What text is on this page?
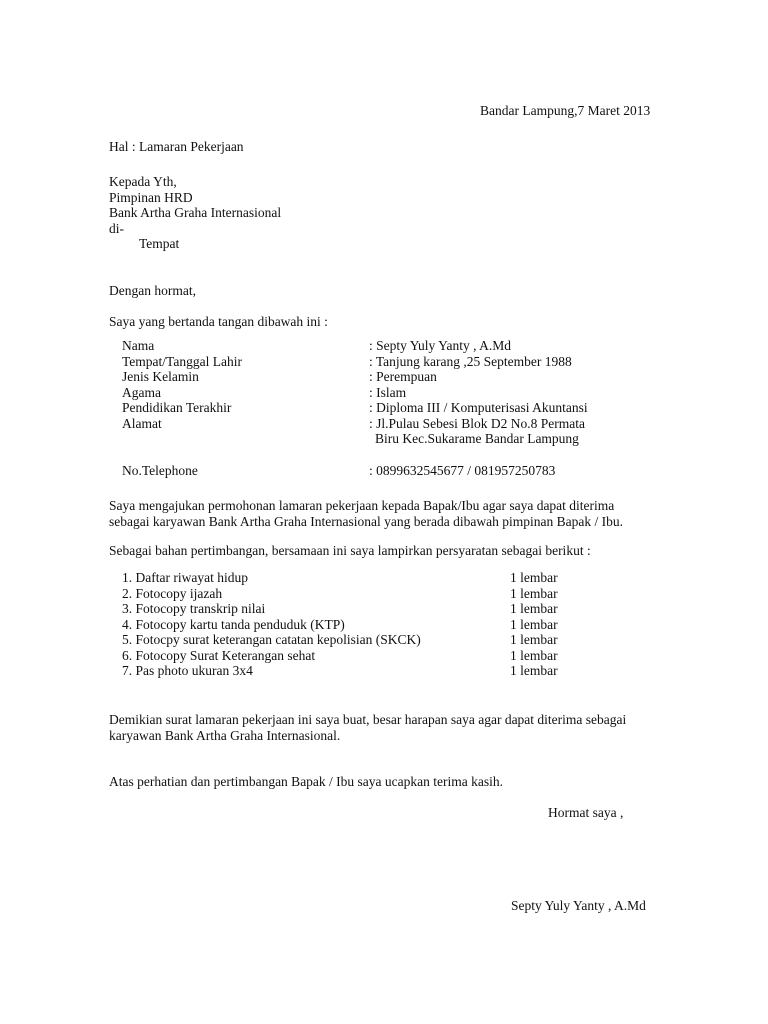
Bandar Lampung,7 Maret 2013
Hal : Lamaran Pekerjaan
Kepada Yth,
Pimpinan HRD
Bank Artha Graha Internasional
di-
Tempat
Dengan hormat,
Saya yang bertanda tangan dibawah ini :
Nama
Tempat/Tanggal Lahir
Jenis Kelamin
Agama
Pendidikan Terakhir
Alamat
: Septy Yuly Yanty , A.Md
: Tanjung karang ,25 September 1988
: Perempuan
: Islam
: Diploma III / Komputerisasi Akuntansi
: Jl.Pulau Sebesi Blok D2 No.8 Permata
Biru Kec.Sukarame Bandar Lampung
No.Telephone	: 0899632545677 / 081957250783
Saya mengajukan permohonan lamaran pekerjaan kepada Bapak/Ibu agar saya dapat diterima
sebagai karyawan Bank Artha Graha Internasional yang berada dibawah pimpinan Bapak / Ibu.
Sebagai bahan pertimbangan, bersamaan ini saya lampirkan persyaratan sebagai berikut :
1. Daftar riwayat hidup
2. Fotocopy ijazah
3. Fotocopy transkrip nilai
4. Fotocopy kartu tanda penduduk (KTP)
5. Fotocpy surat keterangan catatan kepolisian (SKCK)
6. Fotocopy Surat Keterangan sehat
7. Pas photo ukuran 3x4
1 lembar
1 lembar
1 lembar
1 lembar
1 lembar
1 lembar
1 lembar
Demikian surat lamaran pekerjaan ini saya buat, besar harapan saya agar dapat diterima sebagai
karyawan Bank Artha Graha Internasional.
Atas perhatian dan pertimbangan Bapak / Ibu saya ucapkan terima kasih.
Hormat saya ,
Septy Yuly Yanty , A.Md
